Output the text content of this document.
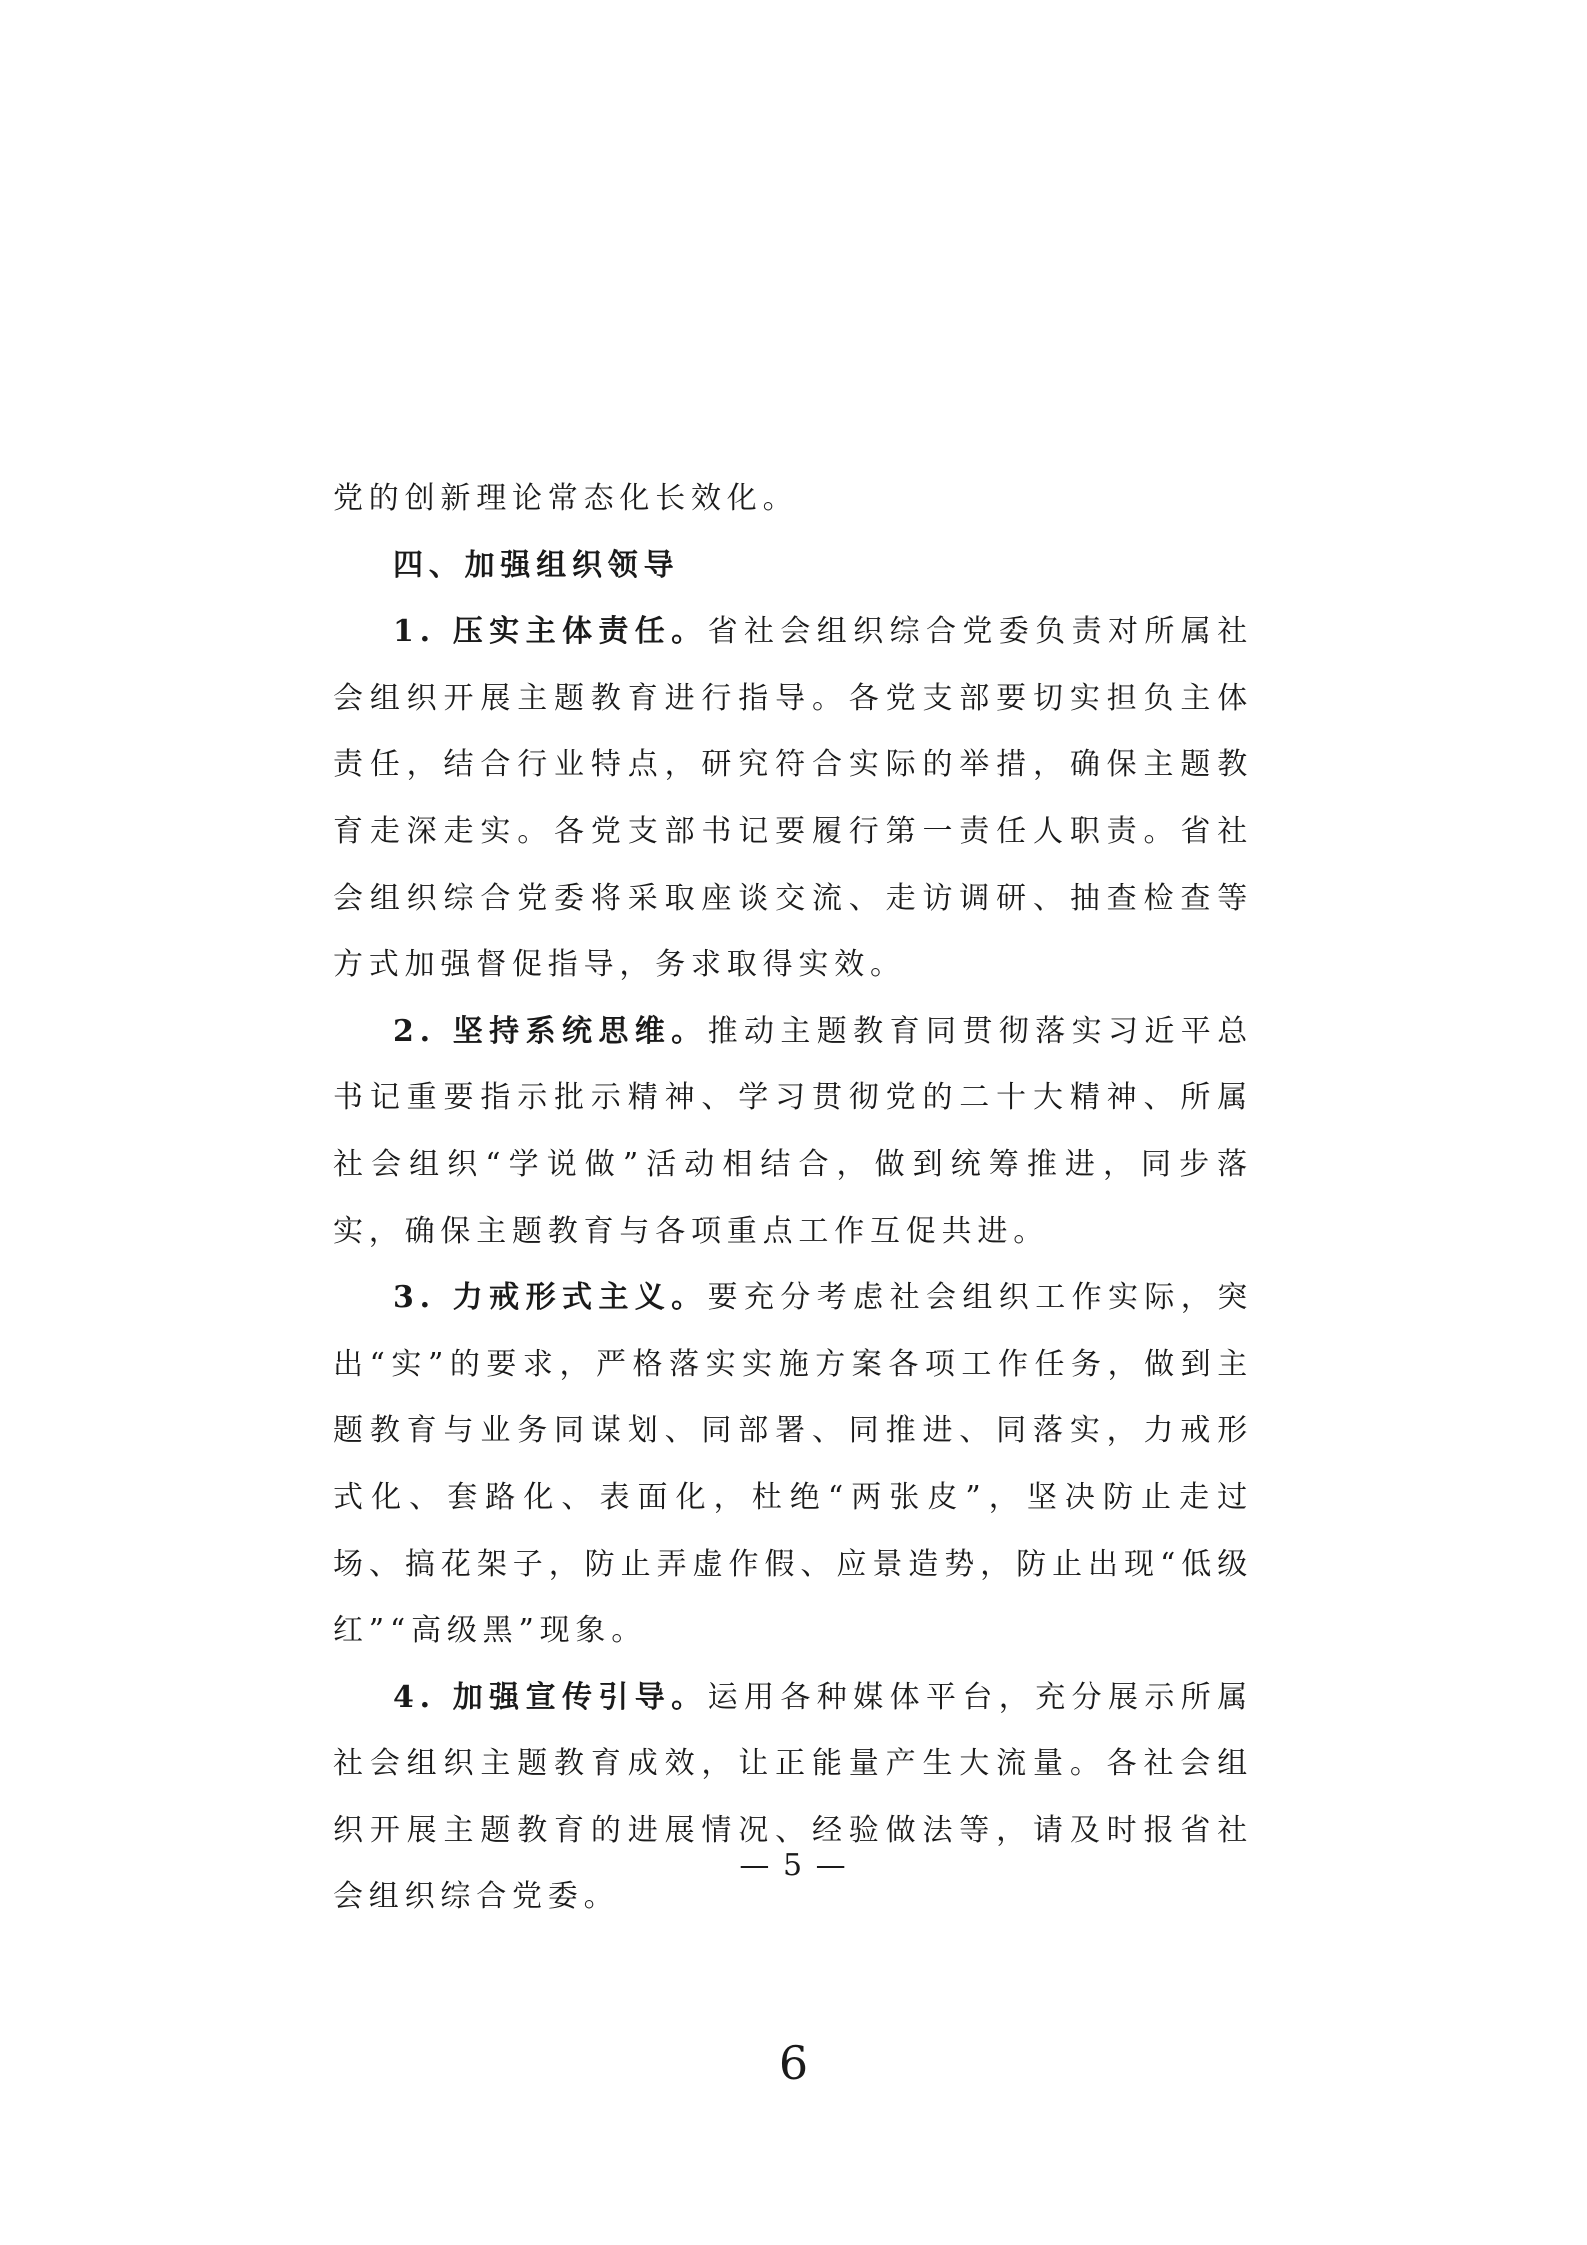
党的创新理论常态化长效化。

四、加强组织领导

1. 压实主体责任。省社会组织综合党委负责对所属社会组织开展主题教育进行指导。各党支部要切实担负主体责任，结合行业特点，研究符合实际的举措，确保主题教育走深走实。各党支部书记要履行第一责任人职责。省社会组织综合党委将采取座谈交流、走访调研、抽查检查等方式加强督促指导，务求取得实效。

2. 坚持系统思维。推动主题教育同贯彻落实习近平总书记重要指示批示精神、学习贯彻党的二十大精神、所属社会组织“学说做”活动相结合，做到统筹推进，同步落实，确保主题教育与各项重点工作互促共进。

3. 力戒形式主义。要充分考虑社会组织工作实际，突出“实”的要求，严格落实实施方案各项工作任务，做到主题教育与业务同谋划、同部署、同推进、同落实，力戒形式化、套路化、表面化，杜绝“两张皮”，坚决防止走过场、搞花架子，防止弄虚作假、应景造势，防止出现“低级红”“高级黑”现象。

4. 加强宣传引导。运用各种媒体平台，充分展示所属社会组织主题教育成效，让正能量产生大流量。各社会组织开展主题教育的进展情况、经验做法等，请及时报省社会组织综合党委。

— 5 —
6
